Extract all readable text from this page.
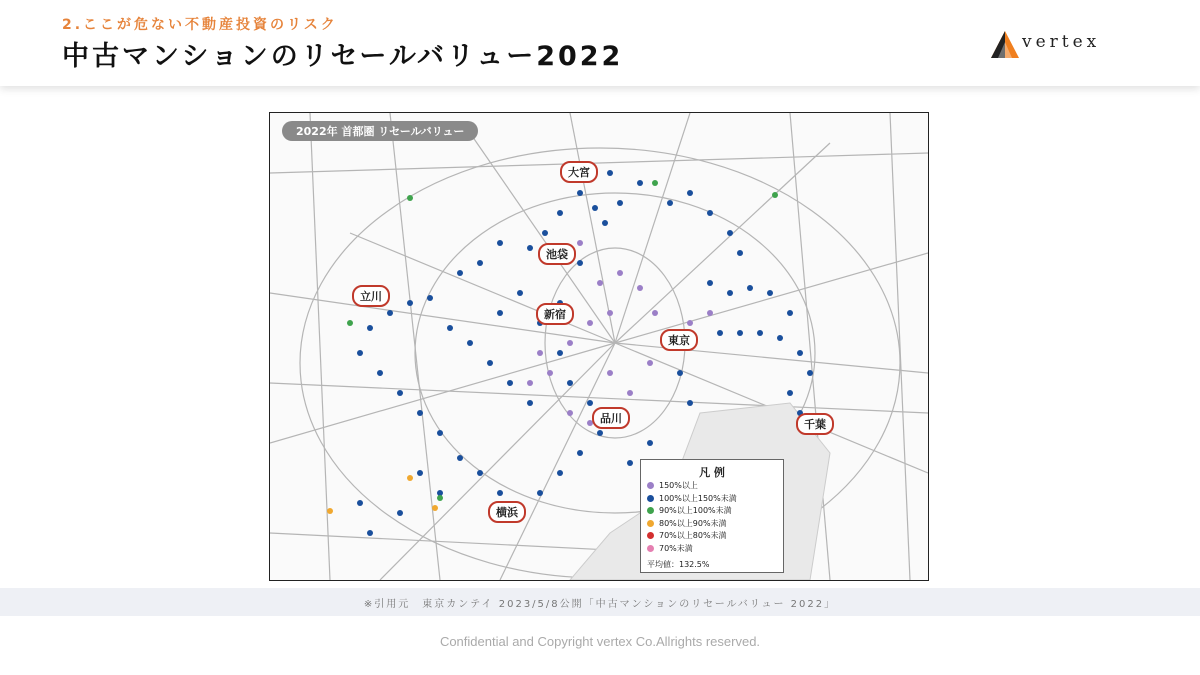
2.ここが危ない不動産投資のリスク
中古マンションのリセールバリュー2022	vertex
2022年 首都圏 リセールバリュー
大宮
池袋
立川
新宿
東京
品川	千葉
横浜
凡 例
150%以上
100%以上150%未満
90%以上100%未満
80%以上90%未満
70%以上80%未満
70%未満
平均値：132.5%
※引用元　東京カンテイ 2023/5/8公開「中古マンションのリセールバリュー 2022」
Confidential and Copyright vertex Co.Allrights reserved.
